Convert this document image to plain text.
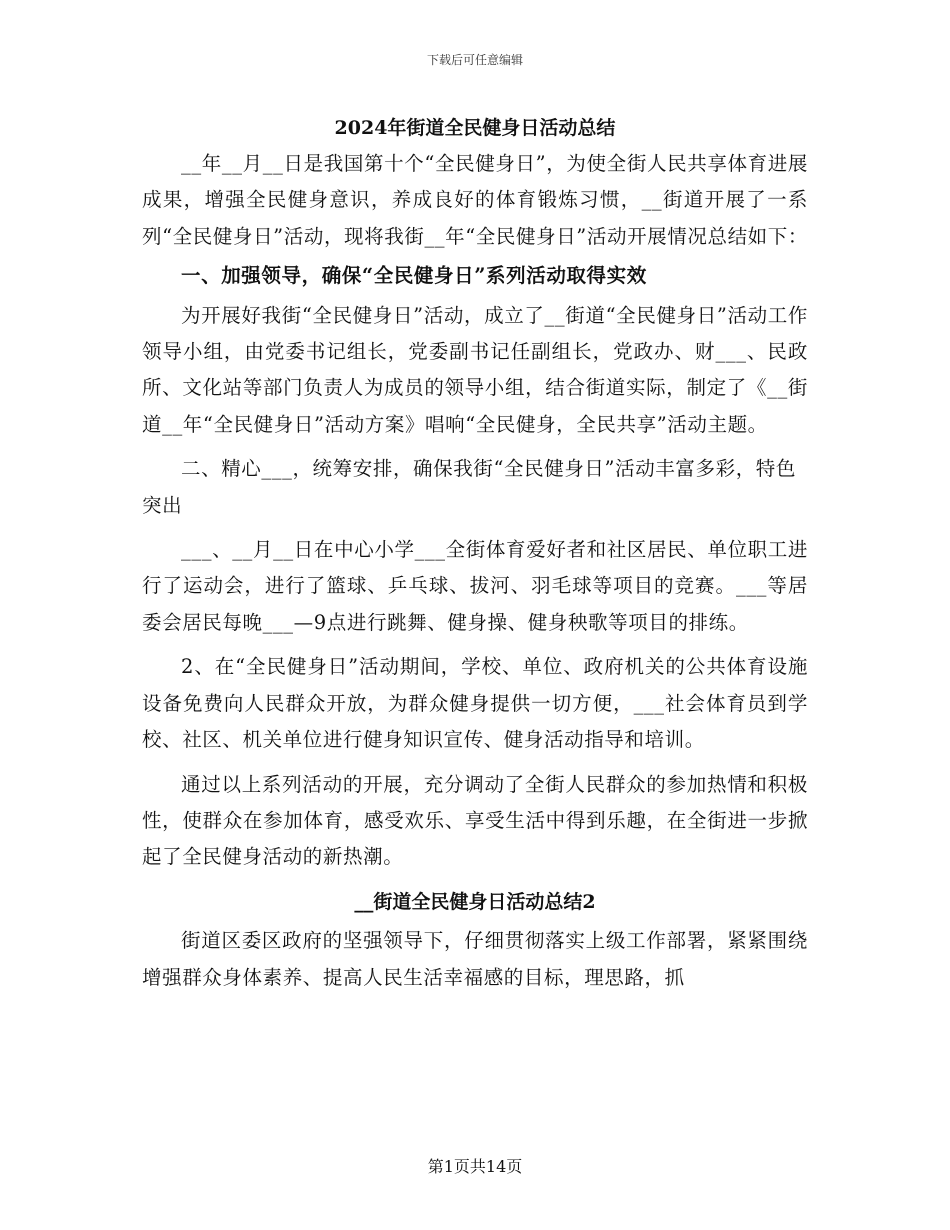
下载后可任意编辑
2024年街道全民健身日活动总结

__年__月__日是我国第十个“全民健身日”，为使全街人民共享体育进展成果，增强全民健身意识，养成良好的体育锻炼习惯，__街道开展了一系列“全民健身日”活动，现将我街__年“全民健身日”活动开展情况总结如下：

一、加强领导，确保“全民健身日”系列活动取得实效

为开展好我街“全民健身日”活动，成立了__街道“全民健身日”活动工作领导小组，由党委书记组长，党委副书记任副组长，党政办、财___、民政所、文化站等部门负责人为成员的领导小组，结合街道实际，制定了《__街道__年“全民健身日”活动方案》唱响“全民健身，全民共享”活动主题。

二、精心___，统筹安排，确保我街“全民健身日”活动丰富多彩，特色突出

___、__月__日在中心小学___全街体育爱好者和社区居民、单位职工进行了运动会，进行了篮球、乒乓球、拔河、羽毛球等项目的竞赛。___等居委会居民每晚___—9点进行跳舞、健身操、健身秧歌等项目的排练。

2、在“全民健身日”活动期间，学校、单位、政府机关的公共体育设施设备免费向人民群众开放，为群众健身提供一切方便，___社会体育员到学校、社区、机关单位进行健身知识宣传、健身活动指导和培训。

通过以上系列活动的开展，充分调动了全街人民群众的参加热情和积极性，使群众在参加体育，感受欢乐、享受生活中得到乐趣，在全街进一步掀起了全民健身活动的新热潮。

__街道全民健身日活动总结2

街道区委区政府的坚强领导下，仔细贯彻落实上级工作部署，紧紧围绕增强群众身体素养、提高人民生活幸福感的目标，理思路，抓

第1页共14页
